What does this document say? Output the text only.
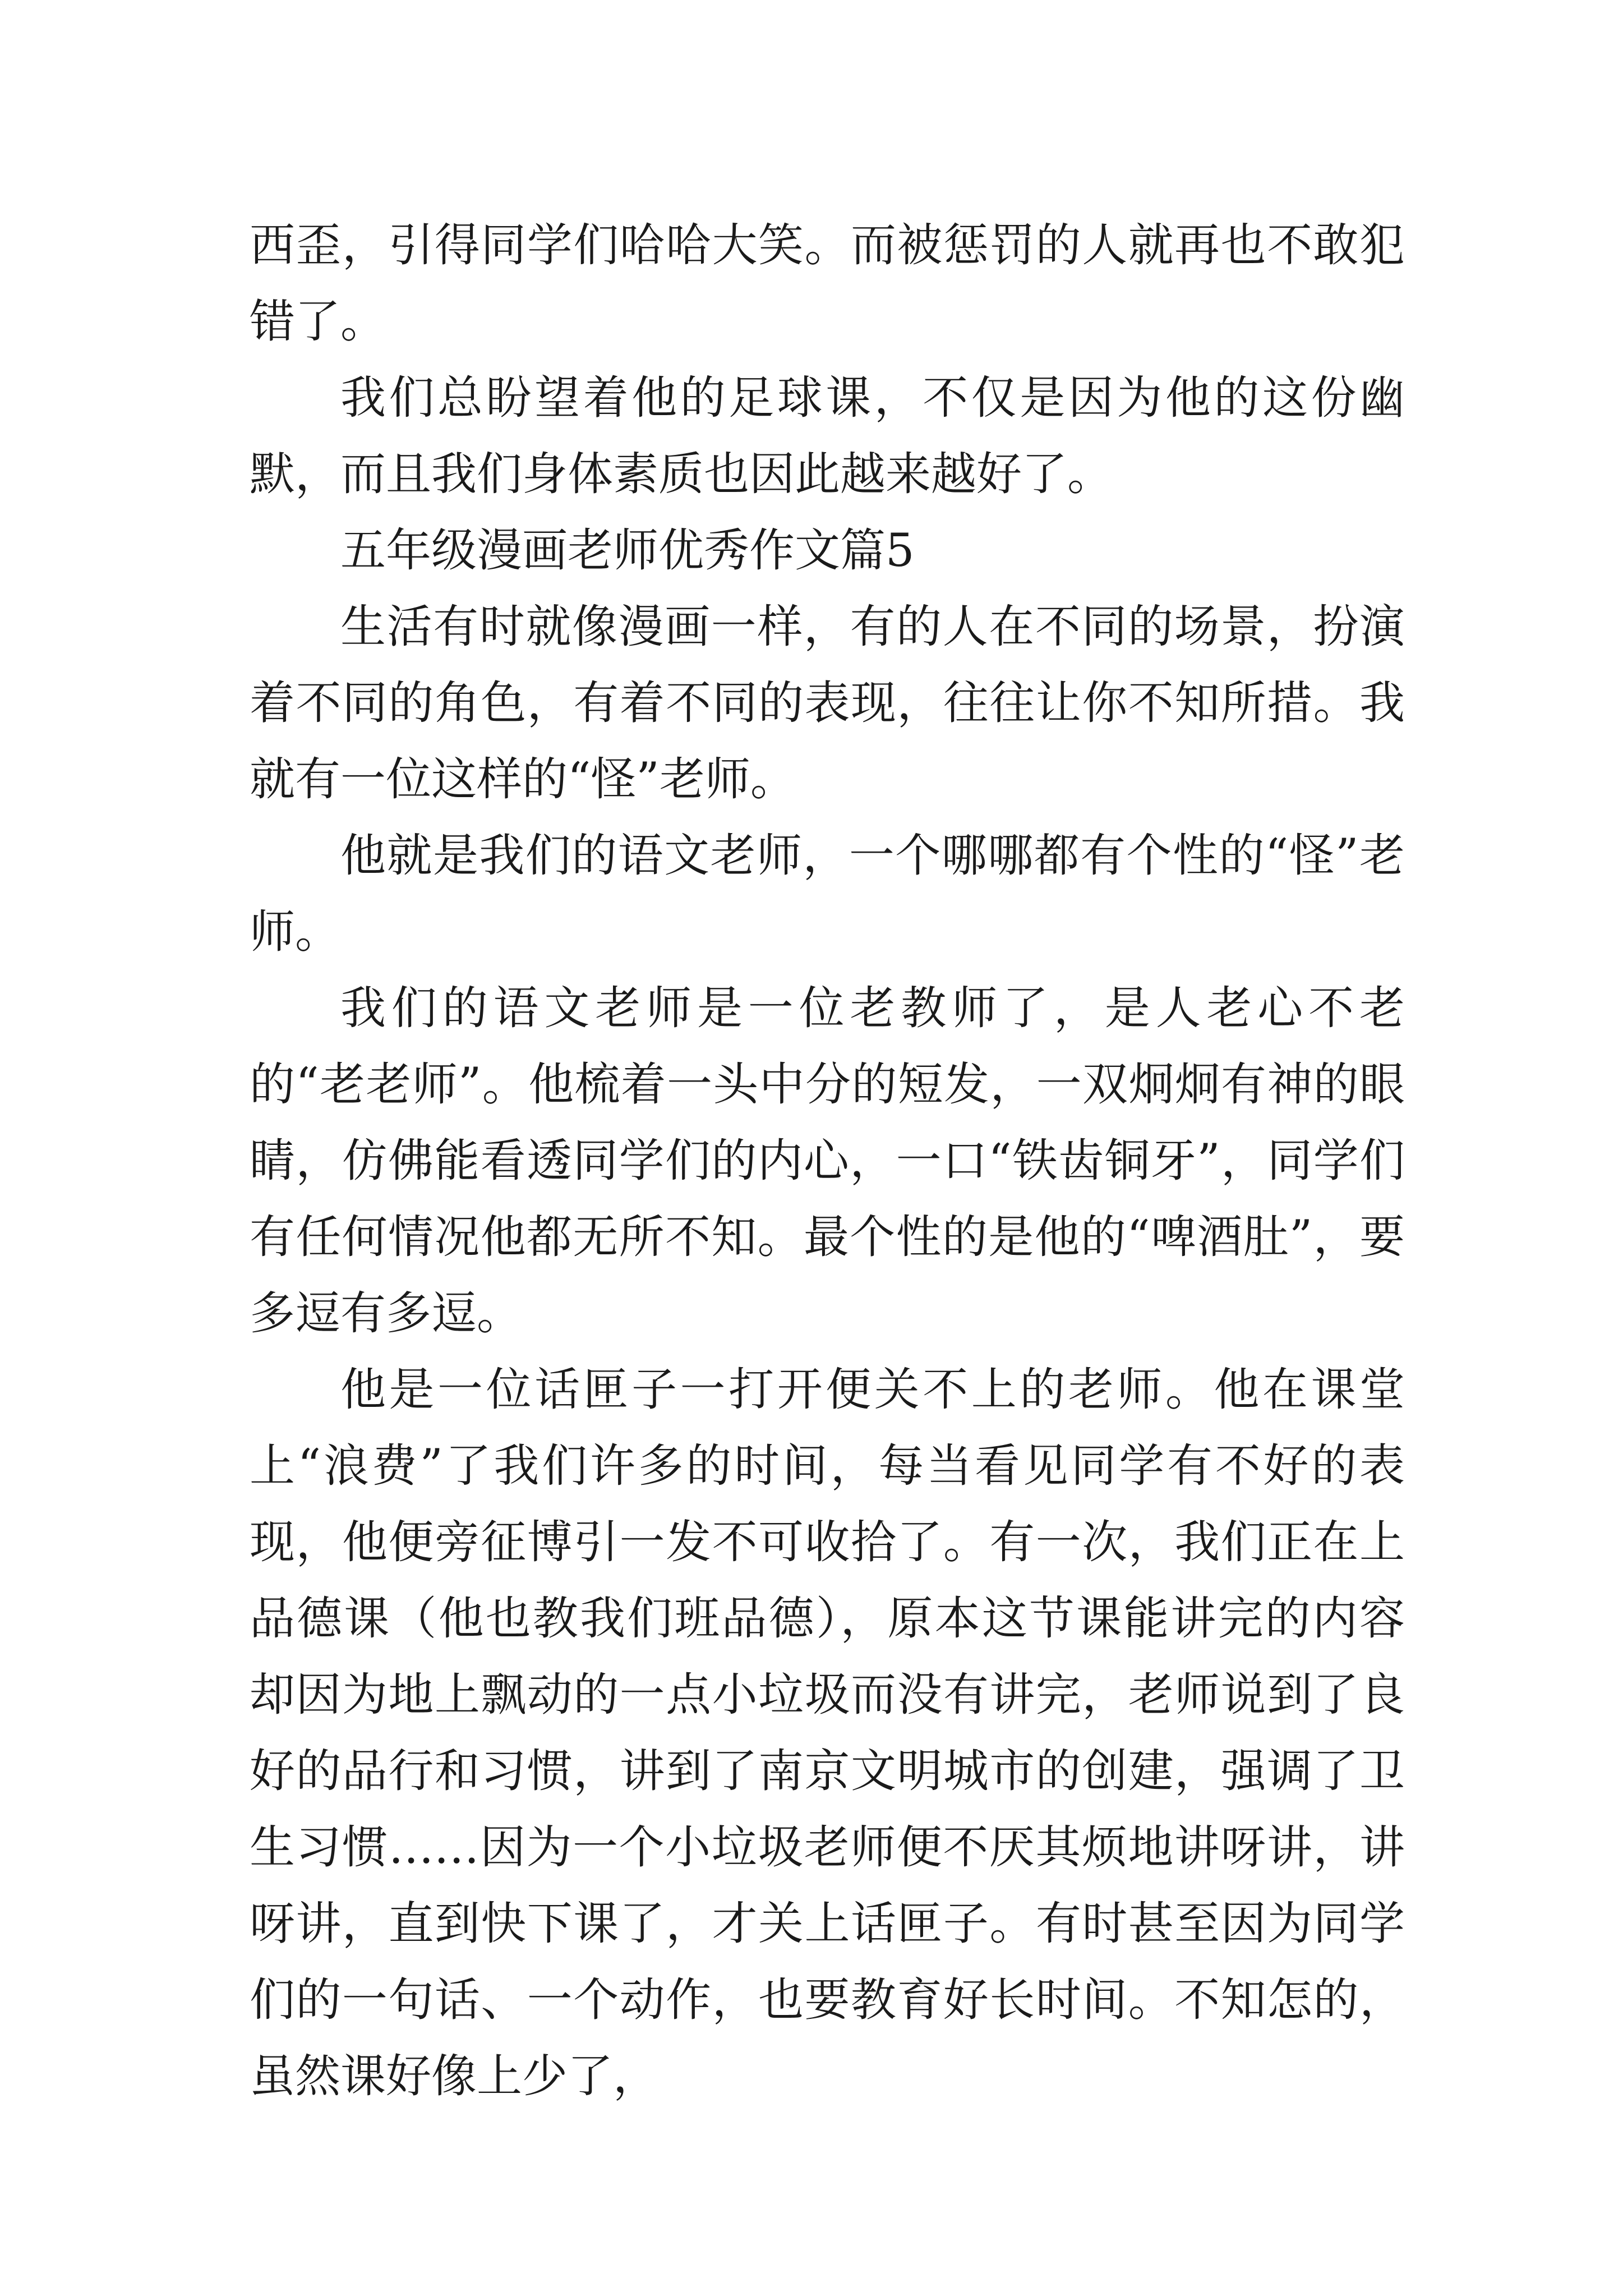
西歪，引得同学们哈哈大笑。而被惩罚的人就再也不敢犯错了。

我们总盼望着他的足球课，不仅是因为他的这份幽默，而且我们身体素质也因此越来越好了。

五年级漫画老师优秀作文篇5

生活有时就像漫画一样，有的人在不同的场景，扮演着不同的角色，有着不同的表现，往往让你不知所措。我就有一位这样的“怪”老师。

他就是我们的语文老师，一个哪哪都有个性的“怪”老师。

我们的语文老师是一位老教师了，是人老心不老的“老老师”。他梳着一头中分的短发，一双炯炯有神的眼睛，仿佛能看透同学们的内心，一口“铁齿铜牙”，同学们有任何情况他都无所不知。最个性的是他的“啤酒肚”，要多逗有多逗。

他是一位话匣子一打开便关不上的老师。他在课堂上“浪费”了我们许多的时间，每当看见同学有不好的表现，他便旁征博引一发不可收拾了。有一次，我们正在上品德课（他也教我们班品德），原本这节课能讲完的内容却因为地上飘动的一点小垃圾而没有讲完，老师说到了良好的品行和习惯，讲到了南京文明城市的创建，强调了卫生习惯……因为一个小垃圾老师便不厌其烦地讲呀讲，讲呀讲，直到快下课了，才关上话匣子。有时甚至因为同学们的一句话、一个动作，也要教育好长时间。不知怎的，虽然课好像上少了，
